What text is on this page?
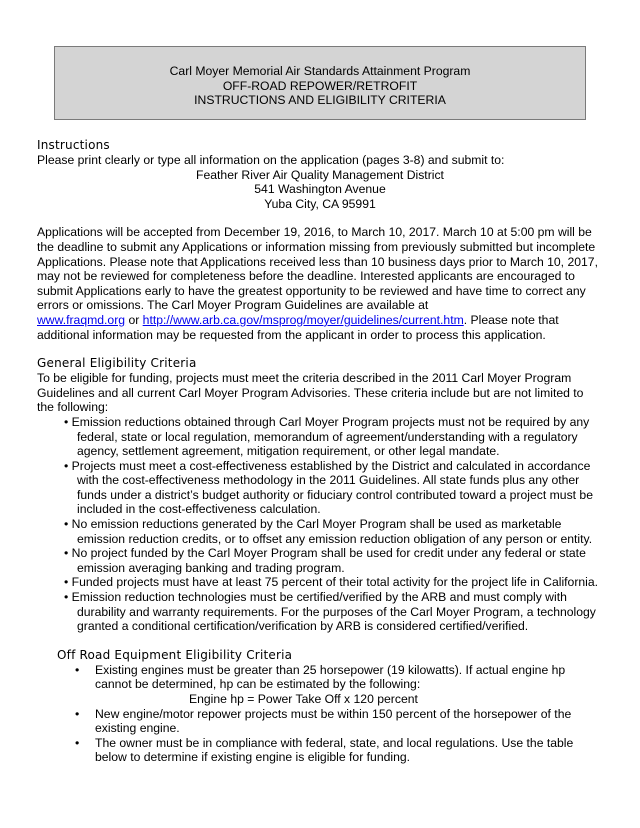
Carl Moyer Memorial Air Standards Attainment Program
OFF-ROAD REPOWER/RETROFIT
INSTRUCTIONS AND ELIGIBILITY CRITERIA
Instructions

Please print clearly or type all information on the application (pages 3-8) and submit to:

Feather River Air Quality Management District
541 Washington Avenue
Yuba City, CA 95991

Applications will be accepted from December 19, 2016, to March 10, 2017. March 10 at 5:00 pm will be the deadline to submit any Applications or information missing from previously submitted but incomplete Applications. Please note that Applications received less than 10 business days prior to March 10, 2017, may not be reviewed for completeness before the deadline. Interested applicants are encouraged to submit Applications early to have the greatest opportunity to be reviewed and have time to correct any errors or omissions. The Carl Moyer Program Guidelines are available at
www.fraqmd.org or http://www.arb.ca.gov/msprog/moyer/guidelines/current.htm. Please note that additional information may be requested from the applicant in order to process this application.

General Eligibility Criteria

To be eligible for funding, projects must meet the criteria described in the 2011 Carl Moyer Program Guidelines and all current Carl Moyer Program Advisories. These criteria include but are not limited to the following:

• Emission reductions obtained through Carl Moyer Program projects must not be required by any federal, state or local regulation, memorandum of agreement/understanding with a regulatory agency, settlement agreement, mitigation requirement, or other legal mandate.
• Projects must meet a cost-effectiveness established by the District and calculated in accordance with the cost-effectiveness methodology in the 2011 Guidelines. All state funds plus any other funds under a district’s budget authority or fiduciary control contributed toward a project must be included in the cost-effectiveness calculation.
• No emission reductions generated by the Carl Moyer Program shall be used as marketable emission reduction credits, or to offset any emission reduction obligation of any person or entity.
• No project funded by the Carl Moyer Program shall be used for credit under any federal or state emission averaging banking and trading program.
• Funded projects must have at least 75 percent of their total activity for the project life in California.
• Emission reduction technologies must be certified/verified by the ARB and must comply with durability and warranty requirements. For the purposes of the Carl Moyer Program, a technology granted a conditional certification/verification by ARB is considered certified/verified.
Off Road Equipment Eligibility Criteria
• Existing engines must be greater than 25 horsepower (19 kilowatts). If actual engine hp cannot be determined, hp can be estimated by the following:
Engine hp = Power Take Off x 120 percent
• New engine/motor repower projects must be within 150 percent of the horsepower of the existing engine.
• The owner must be in compliance with federal, state, and local regulations. Use the table below to determine if existing engine is eligible for funding.
